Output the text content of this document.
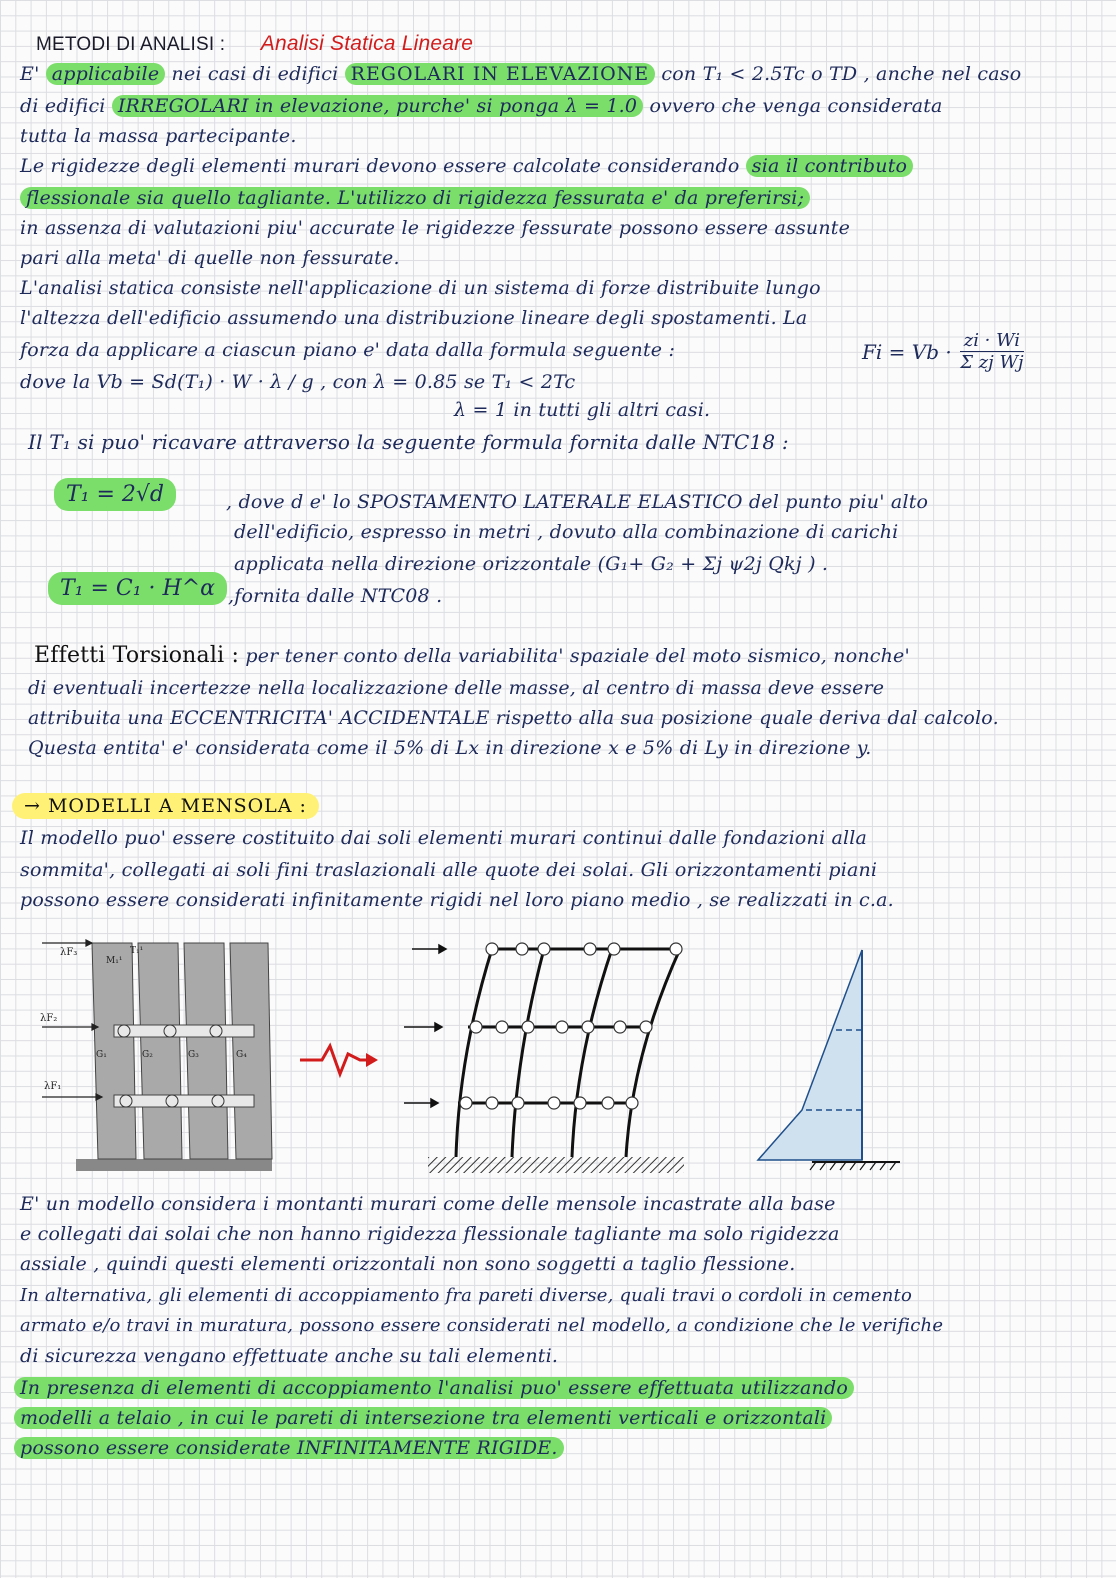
METODI DI ANALISI : Analisi Statica Lineare
E' applicabile nei casi di edifici REGOLARI IN ELEVAZIONE con T₁ < 2.5Tc o TD , anche nel caso
di edifici IRREGOLARI in elevazione, purche' si ponga λ = 1.0 ovvero che venga considerata
tutta la massa partecipante.
Le rigidezze degli elementi murari devono essere calcolate considerando sia il contributo
flessionale sia quello tagliante. L'utilizzo di rigidezza fessurata e' da preferirsi;
in assenza di valutazioni piu' accurate le rigidezze fessurate possono essere assunte
pari alla meta' di quelle non fessurate.
L'analisi statica consiste nell'applicazione di un sistema di forze distribuite lungo
l'altezza dell'edificio assumendo una distribuzione lineare degli spostamenti. La
forza da applicare a ciascun piano e' data dalla formula seguente :	$Fi = Vb \cdot \frac{zi \cdot Wi}{\text{Σ zj Wj}}$
dove la Vb = Sd(T₁) · W · λ / g , con λ = 0.85 se T₁ < 2Tc
λ = 1 in tutti gli altri casi.
Il T₁ si puo' ricavare attraverso la seguente formula fornita dalle NTC18 :
T₁ = 2√d
T₁ = C₁ · H^α
, dove d e' lo SPOSTAMENTO LATERALE ELASTICO del punto piu' alto
dell'edificio, espresso in metri , dovuto alla combinazione di carichi
applicata nella direzione orizzontale (G₁+ G₂ + Σj ψ2j Qkj ) .
,fornita dalle NTC08 .
Effetti Torsionali : per tener conto della variabilita' spaziale del moto sismico, nonche'
di eventuali incertezze nella localizzazione delle masse, al centro di massa deve essere
attribuita una ECCENTRICITA' ACCIDENTALE rispetto alla sua posizione quale deriva dal calcolo.
Questa entita' e' considerata come il 5% di Lx in direzione x e 5% di Ly in direzione y.
→ MODELLI A MENSOLA :
Il modello puo' essere costituito dai soli elementi murari continui dalle fondazioni alla
sommita', collegati ai soli fini traslazionali alle quote dei solai. Gli orizzontamenti piani
possono essere considerati infinitamente rigidi nel loro piano medio , se realizzati in c.a.
λF₃
λF₂
λF₁
M₁¹
T₁¹
G₁	G₂	G₃	G₄
E' un modello considera i montanti murari come delle mensole incastrate alla base
e collegati dai solai che non hanno rigidezza flessionale tagliante ma solo rigidezza
assiale , quindi questi elementi orizzontali non sono soggetti a taglio flessione.
In alternativa, gli elementi di accoppiamento fra pareti diverse, quali travi o cordoli in cemento
armato e/o travi in muratura, possono essere considerati nel modello, a condizione che le verifiche
di sicurezza vengano effettuate anche su tali elementi.
In presenza di elementi di accoppiamento l'analisi puo' essere effettuata utilizzando
modelli a telaio , in cui le pareti di intersezione tra elementi verticali e orizzontali
possono essere considerate INFINITAMENTE RIGIDE.
